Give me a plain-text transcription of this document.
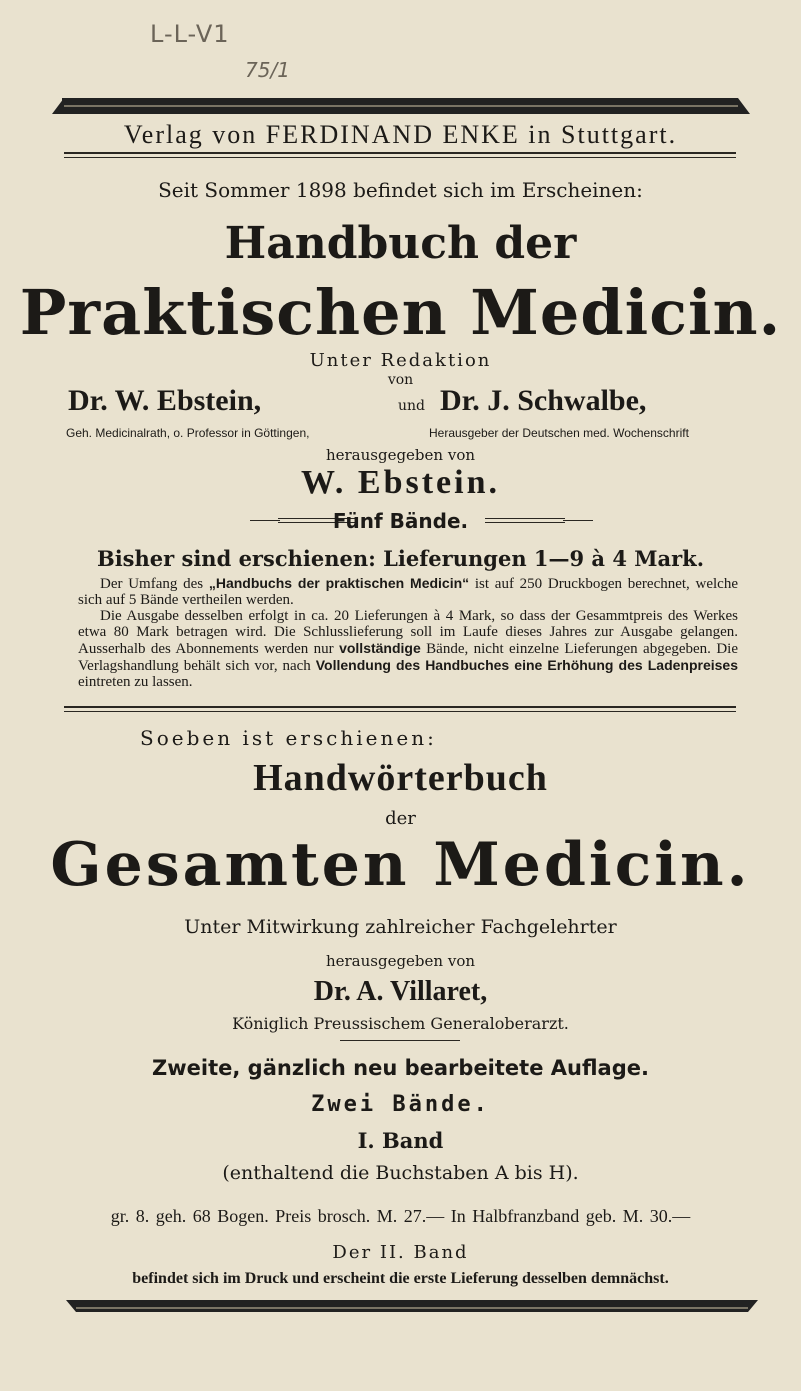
L-L-V1
75/1
Verlag von FERDINAND ENKE in Stuttgart.
Seit Sommer 1898 befindet sich im Erscheinen:
Handbuch der
Praktischen Medicin.
Unter Redaktion
von
Dr. W. Ebstein,	und Dr. J. Schwalbe,
Geh. Medicinalrath, o. Professor in Göttingen,	Herausgeber der Deutschen med. Wochenschrift
herausgegeben von
W. Ebstein.
Fünf Bände.
Bisher sind erschienen: Lieferungen 1—9 à 4 Mark.

Der Umfang des „Handbuchs der praktischen Medicin“ ist auf 250 Druckbogen berechnet, welche sich auf 5 Bände vertheilen werden.

Die Ausgabe desselben erfolgt in ca. 20 Lieferungen à 4 Mark, so dass der Gesammtpreis des Werkes etwa 80 Mark betragen wird. Die Schlusslieferung soll im Laufe dieses Jahres zur Ausgabe gelangen. Ausserhalb des Abonnements werden nur vollständige Bände, nicht einzelne Lieferungen abgegeben. Die Verlagshandlung behält sich vor, nach Vollendung des Handbuches eine Erhöhung des Ladenpreises eintreten zu lassen.

Soeben ist erschienen:
Handwörterbuch
der
Gesamten Medicin.
Unter Mitwirkung zahlreicher Fachgelehrter
herausgegeben von
Dr. A. Villaret,
Königlich Preussischem Generaloberarzt.
Zweite, gänzlich neu bearbeitete Auflage.
Zwei Bände.
I. Band
(enthaltend die Buchstaben A bis H).
gr. 8. geh. 68 Bogen. Preis brosch. M. 27.— In Halbfranzband geb. M. 30.—
Der II. Band
befindet sich im Druck und erscheint die erste Lieferung desselben demnächst.
